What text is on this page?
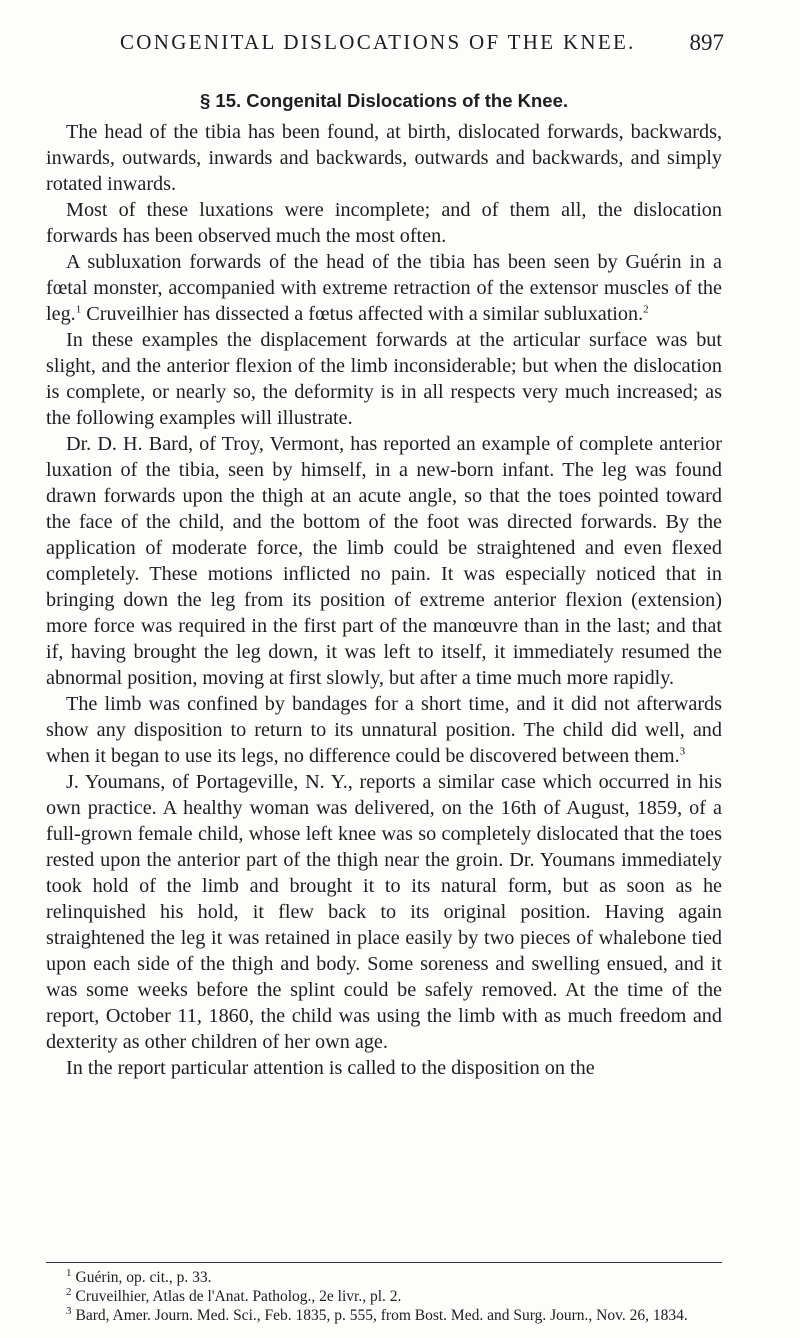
CONGENITAL DISLOCATIONS OF THE KNEE. 897
§ 15. Congenital Dislocations of the Knee.

The head of the tibia has been found, at birth, dislocated forwards, backwards, inwards, outwards, inwards and backwards, outwards and backwards, and simply rotated inwards.

Most of these luxations were incomplete; and of them all, the dislocation forwards has been observed much the most often.

A subluxation forwards of the head of the tibia has been seen by Guérin in a fœtal monster, accompanied with extreme retraction of the extensor muscles of the leg.$^1$ Cruveilhier has dissected a fœtus affected with a similar subluxation.$^2$

In these examples the displacement forwards at the articular surface was but slight, and the anterior flexion of the limb inconsiderable; but when the dislocation is complete, or nearly so, the deformity is in all respects very much increased; as the following examples will illustrate.

Dr. D. H. Bard, of Troy, Vermont, has reported an example of complete anterior luxation of the tibia, seen by himself, in a new-born infant. The leg was found drawn forwards upon the thigh at an acute angle, so that the toes pointed toward the face of the child, and the bottom of the foot was directed forwards. By the application of moderate force, the limb could be straightened and even flexed completely. These motions inflicted no pain. It was especially noticed that in bringing down the leg from its position of extreme anterior flexion (extension) more force was required in the first part of the manœuvre than in the last; and that if, having brought the leg down, it was left to itself, it immediately resumed the abnormal position, moving at first slowly, but after a time much more rapidly.

The limb was confined by bandages for a short time, and it did not afterwards show any disposition to return to its unnatural position. The child did well, and when it began to use its legs, no difference could be discovered between them.$^3$

J. Youmans, of Portageville, N. Y., reports a similar case which occurred in his own practice. A healthy woman was delivered, on the 16th of August, 1859, of a full-grown female child, whose left knee was so completely dislocated that the toes rested upon the anterior part of the thigh near the groin. Dr. Youmans immediately took hold of the limb and brought it to its natural form, but as soon as he relinquished his hold, it flew back to its original position. Having again straightened the leg it was retained in place easily by two pieces of whalebone tied upon each side of the thigh and body. Some soreness and swelling ensued, and it was some weeks before the splint could be safely removed. At the time of the report, October 11, 1860, the child was using the limb with as much freedom and dexterity as other children of her own age.

In the report particular attention is called to the disposition on the

$^1$ Guérin, op. cit., p. 33.

$^2$ Cruveilhier, Atlas de l'Anat. Patholog., 2e livr., pl. 2.

$^3$ Bard, Amer. Journ. Med. Sci., Feb. 1835, p. 555, from Bost. Med. and Surg. Journ., Nov. 26, 1834.
